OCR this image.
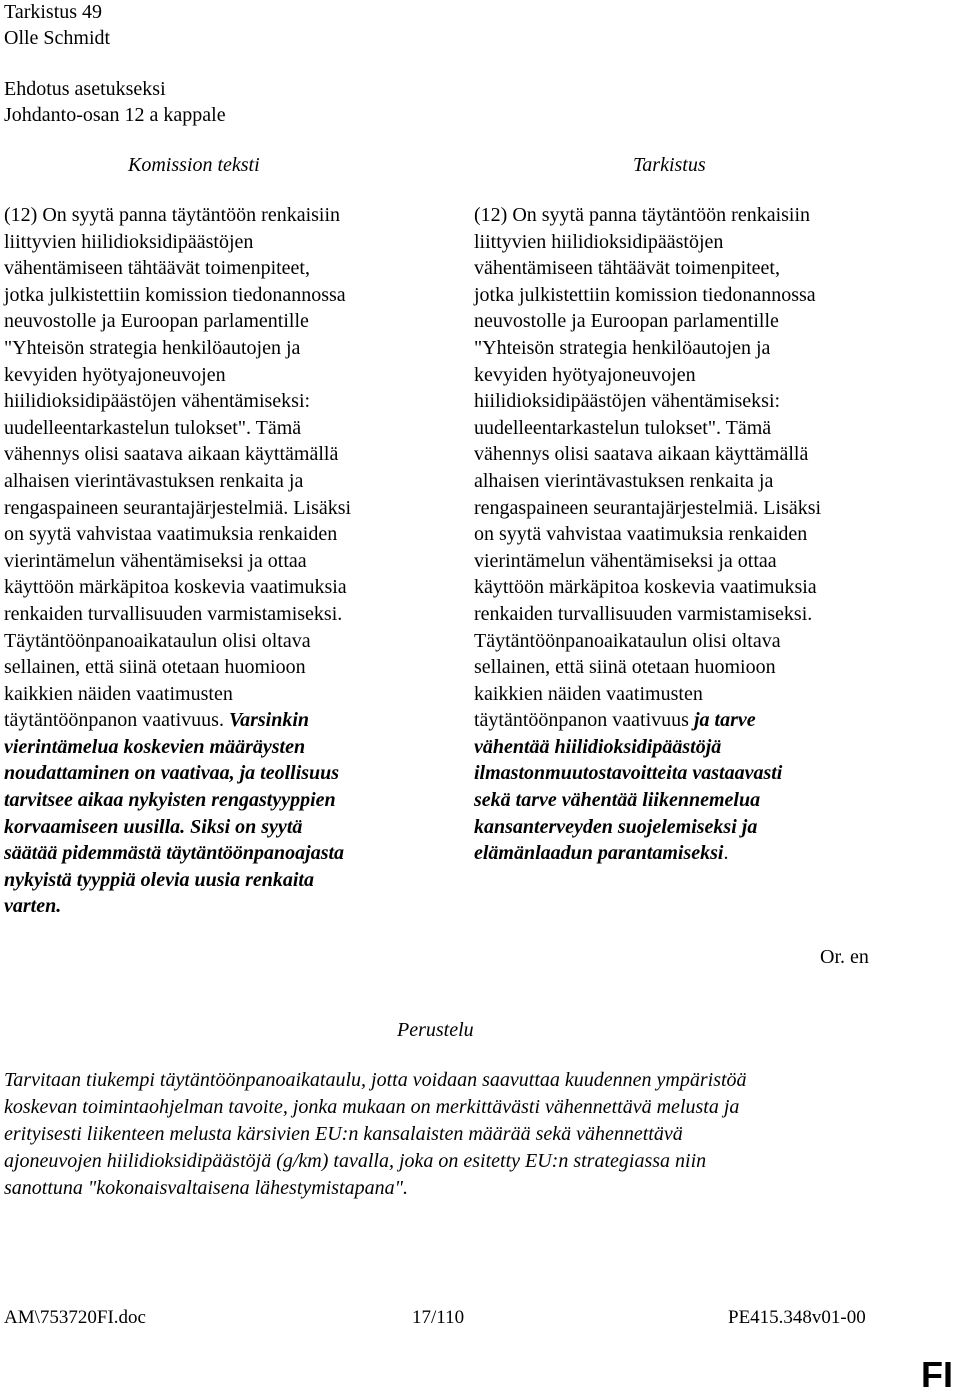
Tarkistus 49
Olle Schmidt
Ehdotus asetukseksi
Johdanto-osan 12 a kappale
Komission teksti	Tarkistus
(12) On syytä panna täytäntöön renkaisiin
liittyvien hiilidioksidipäästöjen
vähentämiseen tähtäävät toimenpiteet,
jotka julkistettiin komission tiedonannossa
neuvostolle ja Euroopan parlamentille
"Yhteisön strategia henkilöautojen ja
kevyiden hyötyajoneuvojen
hiilidioksidipäästöjen vähentämiseksi:
uudelleentarkastelun tulokset". Tämä
vähennys olisi saatava aikaan käyttämällä
alhaisen vierintävastuksen renkaita ja
rengaspaineen seurantajärjestelmiä. Lisäksi
on syytä vahvistaa vaatimuksia renkaiden
vierintämelun vähentämiseksi ja ottaa
käyttöön märkäpitoa koskevia vaatimuksia
renkaiden turvallisuuden varmistamiseksi.
Täytäntöönpanoaikataulun olisi oltava
sellainen, että siinä otetaan huomioon
kaikkien näiden vaatimusten
täytäntöönpanon vaativuus. Varsinkin
vierintämelua koskevien määräysten
noudattaminen on vaativaa, ja teollisuus
tarvitsee aikaa nykyisten rengastyyppien
korvaamiseen uusilla. Siksi on syytä
säätää pidemmästä täytäntöönpanoajasta
nykyistä tyyppiä olevia uusia renkaita
varten.
(12) On syytä panna täytäntöön renkaisiin
liittyvien hiilidioksidipäästöjen
vähentämiseen tähtäävät toimenpiteet,
jotka julkistettiin komission tiedonannossa
neuvostolle ja Euroopan parlamentille
"Yhteisön strategia henkilöautojen ja
kevyiden hyötyajoneuvojen
hiilidioksidipäästöjen vähentämiseksi:
uudelleentarkastelun tulokset". Tämä
vähennys olisi saatava aikaan käyttämällä
alhaisen vierintävastuksen renkaita ja
rengaspaineen seurantajärjestelmiä. Lisäksi
on syytä vahvistaa vaatimuksia renkaiden
vierintämelun vähentämiseksi ja ottaa
käyttöön märkäpitoa koskevia vaatimuksia
renkaiden turvallisuuden varmistamiseksi.
Täytäntöönpanoaikataulun olisi oltava
sellainen, että siinä otetaan huomioon
kaikkien näiden vaatimusten
täytäntöönpanon vaativuus ja tarve
vähentää hiilidioksidipäästöjä
ilmastonmuutostavoitteita vastaavasti
sekä tarve vähentää liikennemelua
kansanterveyden suojelemiseksi ja
elämänlaadun parantamiseksi.
Or. en
Perustelu
Tarvitaan tiukempi täytäntöönpanoaikataulu, jotta voidaan saavuttaa kuudennen ympäristöä
koskevan toimintaohjelman tavoite, jonka mukaan on merkittävästi vähennettävä melusta ja
erityisesti liikenteen melusta kärsivien EU:n kansalaisten määrää sekä vähennettävä
ajoneuvojen hiilidioksidipäästöjä (g/km) tavalla, joka on esitetty EU:n strategiassa niin
sanottuna "kokonaisvaltaisena lähestymistapana".
AM\753720FI.doc	17/110	PE415.348v01-00
FI
